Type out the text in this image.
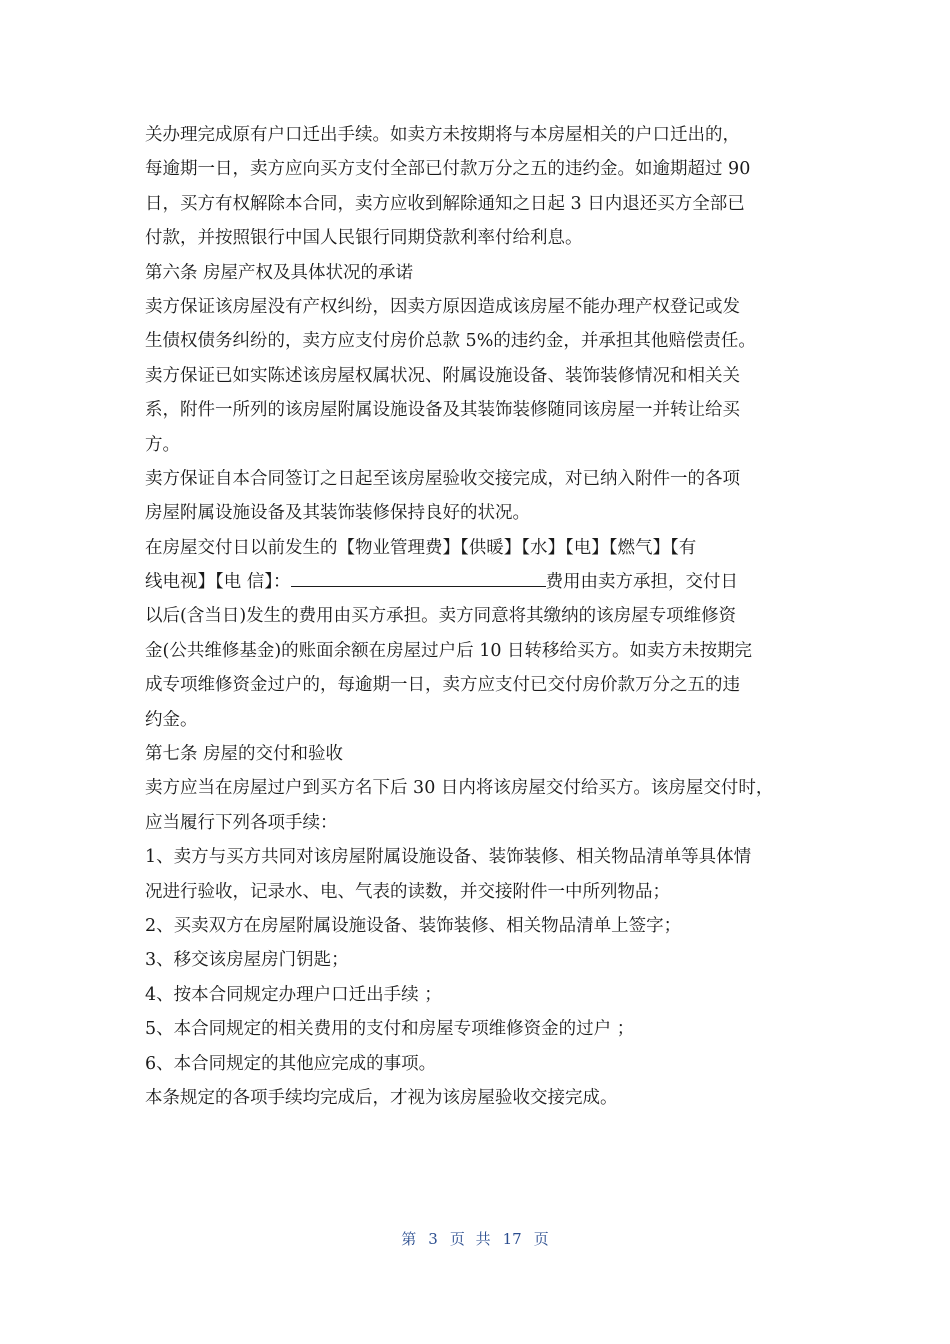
关办理完成原有户口迁出手续。如卖方未按期将与本房屋相关的户口迁出的，
每逾期一日，卖方应向买方支付全部已付款万分之五的违约金。如逾期超过 90
日，买方有权解除本合同，卖方应收到解除通知之日起 3 日内退还买方全部已
付款，并按照银行中国人民银行同期贷款利率付给利息。
第六条 房屋产权及具体状况的承诺
卖方保证该房屋没有产权纠纷，因卖方原因造成该房屋不能办理产权登记或发
生债权债务纠纷的，卖方应支付房价总款 5%的违约金，并承担其他赔偿责任。
卖方保证已如实陈述该房屋权属状况、附属设施设备、装饰装修情况和相关关
系，附件一所列的该房屋附属设施设备及其装饰装修随同该房屋一并转让给买
方。
卖方保证自本合同签订之日起至该房屋验收交接完成，对已纳入附件一的各项
房屋附属设施设备及其装饰装修保持良好的状况。
在房屋交付日以前发生的【物业管理费】【供暖】【水】【电】【燃气】【有
线电视】【电 信】：	费用由卖方承担，交付日
以后(含当日)发生的费用由买方承担。卖方同意将其缴纳的该房屋专项维修资
金(公共维修基金)的账面余额在房屋过户后 10 日转移给买方。如卖方未按期完
成专项维修资金过户的，每逾期一日，卖方应支付已交付房价款万分之五的违
约金。
第七条 房屋的交付和验收
卖方应当在房屋过户到买方名下后 30 日内将该房屋交付给买方。该房屋交付时，
应当履行下列各项手续：
1、卖方与买方共同对该房屋附属设施设备、装饰装修、相关物品清单等具体情
况进行验收，记录水、电、气表的读数，并交接附件一中所列物品；
2、买卖双方在房屋附属设施设备、装饰装修、相关物品清单上签字；
3、移交该房屋房门钥匙；
4、按本合同规定办理户口迁出手续 ；
5、本合同规定的相关费用的支付和房屋专项维修资金的过户 ；
6、本合同规定的其他应完成的事项。
本条规定的各项手续均完成后，才视为该房屋验收交接完成。
第 3 页 共 17 页
